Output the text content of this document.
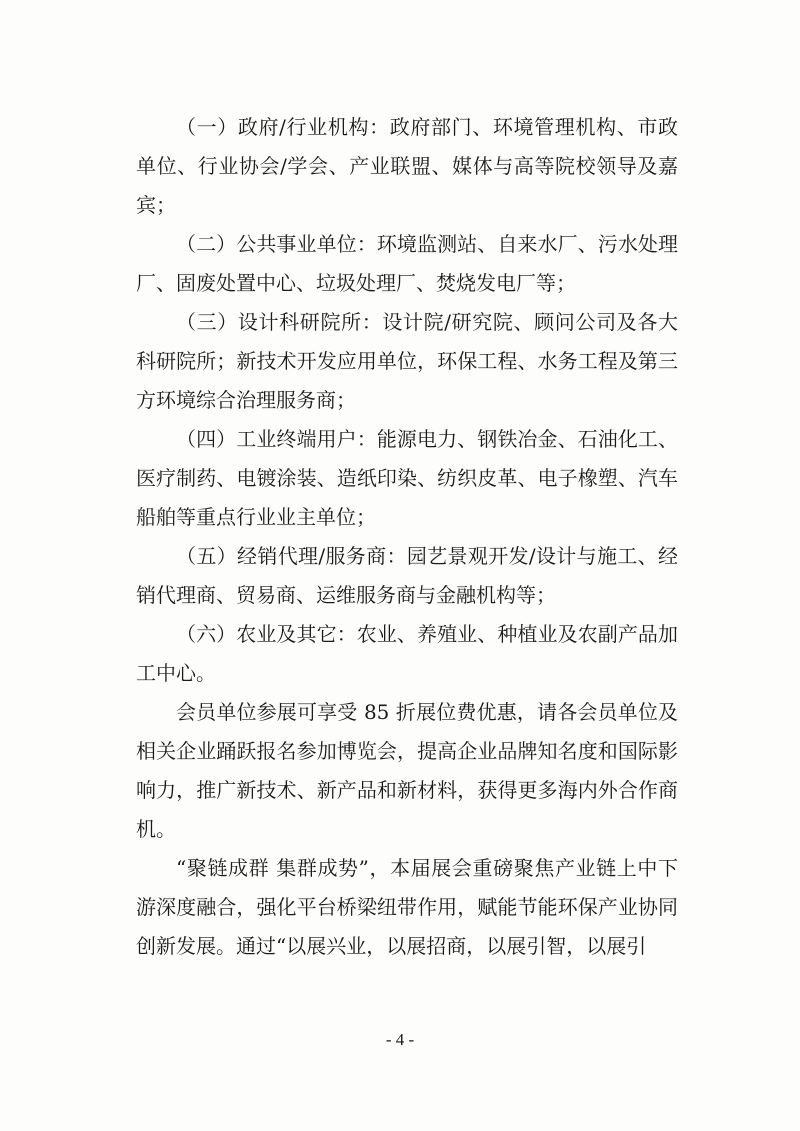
（一）政府/行业机构：政府部门、环境管理机构、市政单位、行业协会/学会、产业联盟、媒体与高等院校领导及嘉宾；

（二）公共事业单位：环境监测站、自来水厂、污水处理厂、固废处置中心、垃圾处理厂、焚烧发电厂等；

（三）设计科研院所：设计院/研究院、顾问公司及各大科研院所；新技术开发应用单位，环保工程、水务工程及第三方环境综合治理服务商；

（四）工业终端用户：能源电力、钢铁冶金、石油化工、医疗制药、电镀涂装、造纸印染、纺织皮革、电子橡塑、汽车船舶等重点行业业主单位；

（五）经销代理/服务商：园艺景观开发/设计与施工、经销代理商、贸易商、运维服务商与金融机构等；

（六）农业及其它：农业、养殖业、种植业及农副产品加工中心。

会员单位参展可享受 85 折展位费优惠，请各会员单位及相关企业踊跃报名参加博览会，提高企业品牌知名度和国际影响力，推广新技术、新产品和新材料，获得更多海内外合作商机。

“聚链成群 集群成势”，本届展会重磅聚焦产业链上中下游深度融合，强化平台桥梁纽带作用，赋能节能环保产业协同创新发展。通过“以展兴业，以展招商，以展引智，以展引

- 4 -
